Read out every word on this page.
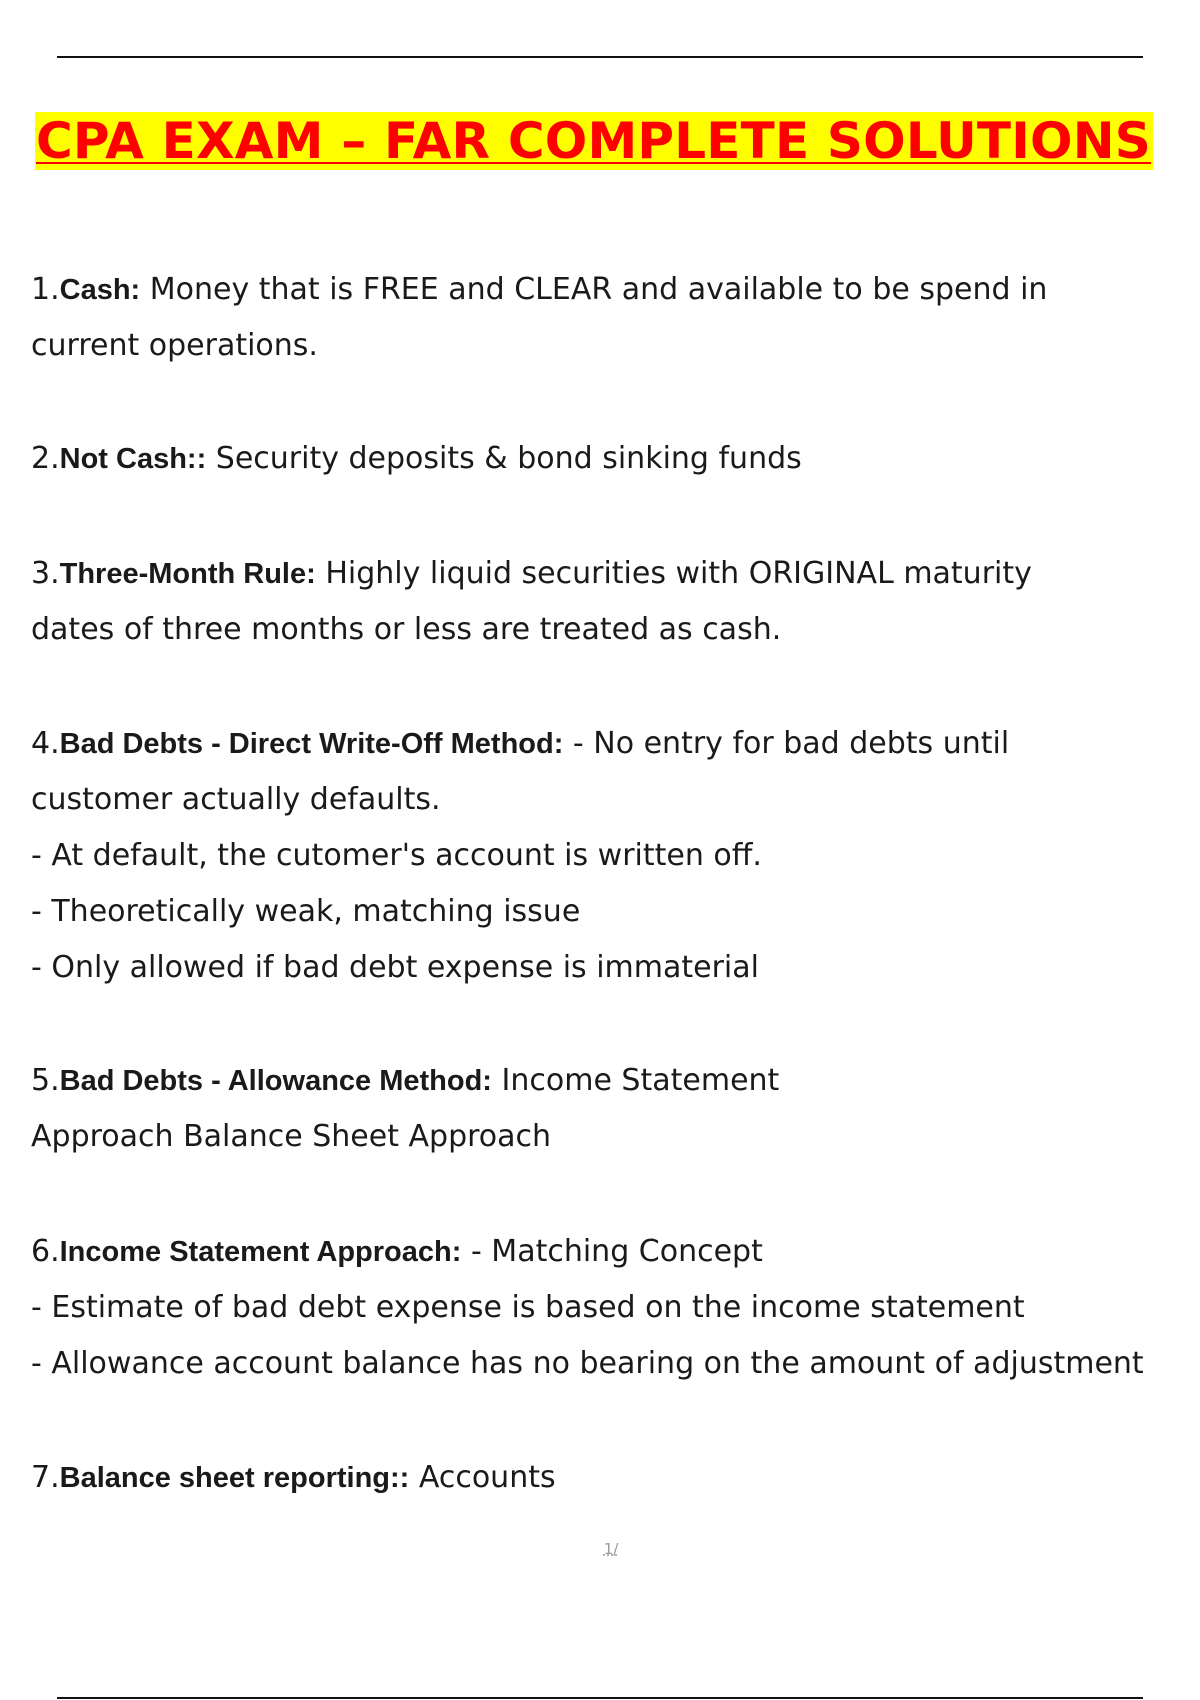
CPA EXAM – FAR COMPLETE SOLUTIONS
1.Cash: Money that is FREE and CLEAR and available to be spend in
current operations.
2.Not Cash:: Security deposits & bond sinking funds
3.Three-Month Rule: Highly liquid securities with ORIGINAL maturity
dates of three months or less are treated as cash.
4.Bad Debts - Direct Write-Off Method: - No entry for bad debts until
customer actually defaults.
- At default, the cutomer's account is written off.
- Theoretically weak, matching issue
- Only allowed if bad debt expense is immaterial
5.Bad Debts - Allowance Method: Income Statement
Approach Balance Sheet Approach
6.Income Statement Approach: - Matching Concept
- Estimate of bad debt expense is based on the income statement
- Allowance account balance has no bearing on the amount of adjustment
7.Balance sheet reporting:: Accounts
1/
